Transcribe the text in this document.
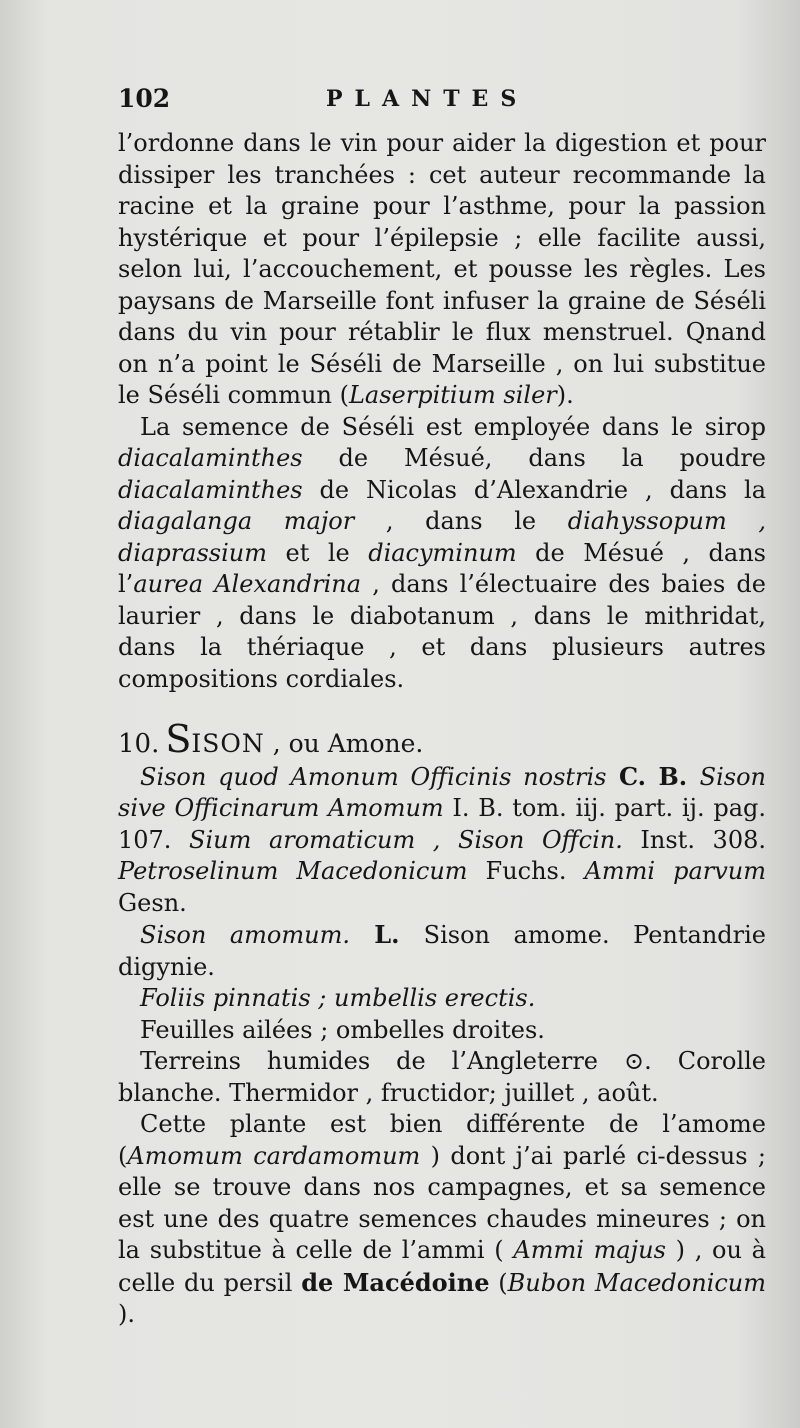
102	PLANTES

l’ordonne dans le vin pour aider la digestion et pour dissiper les tranchées : cet auteur recommande la racine et la graine pour l’asthme, pour la passion hystérique et pour l’épilepsie ; elle facilite aussi, selon lui, l’accouchement, et pousse les règles. Les paysans de Marseille font infuser la graine de Séséli dans du vin pour rétablir le flux menstruel. Qnand on n’a point le Séséli de Marseille , on lui substitue le Séséli commun (Laserpitium siler).

La semence de Séséli est employée dans le sirop diacalaminthes de Mésué, dans la poudre diacalaminthes de Nicolas d’Alexandrie , dans la diagalanga major , dans le diahyssopum , diaprassium et le diacyminum de Mésué , dans l’aurea Alexandrina , dans l’électuaire des baies de laurier , dans le diabotanum , dans le mithridat, dans la thériaque , et dans plusieurs autres compositions cordiales.

10. SISON , ou Amone.

Sison quod Amonum Officinis nostris C. B. Sison sive Officinarum Amomum I. B. tom. iij. part. ij. pag. 107. Sium aromaticum , Sison Offcin. Inst. 308. Petroselinum Macedonicum Fuchs. Ammi parvum Gesn.

Sison amomum. L. Sison amome. Pentandrie digynie.

Foliis pinnatis ; umbellis erectis.

Feuilles ailées ; ombelles droites.

Terreins humides de l’Angleterre ⊙. Corolle blanche. Thermidor , fructidor; juillet , août.

Cette plante est bien différente de l’amome (Amomum cardamomum ) dont j’ai parlé ci-dessus ; elle se trouve dans nos campagnes, et sa semence est une des quatre semences chaudes mineures ; on la substitue à celle de l’ammi ( Ammi majus ) , ou à celle du persil de Macédoine (Bubon Macedonicum ).
